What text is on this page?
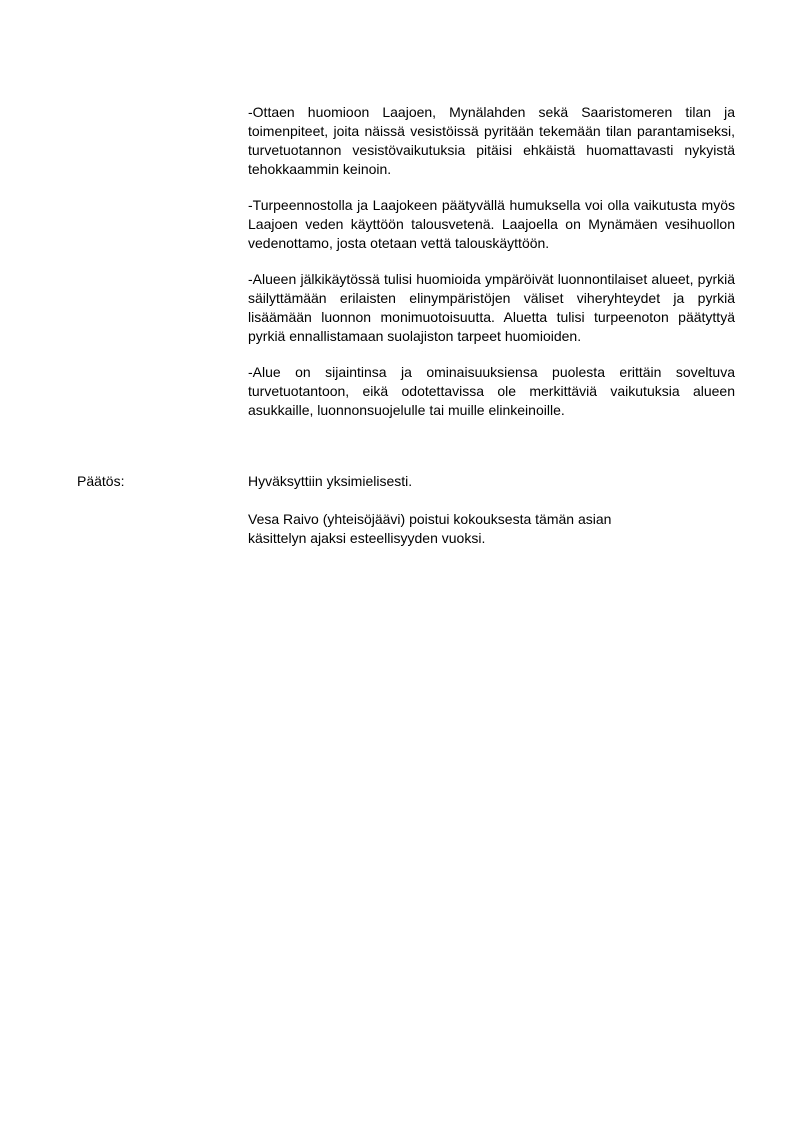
-Ottaen huomioon Laajoen, Mynälahden sekä Saaristomeren tilan ja toimenpiteet, joita näissä vesistöissä pyritään tekemään tilan parantamiseksi, turvetuotannon vesistövaikutuksia pitäisi ehkäistä huomattavasti nykyistä tehokkaammin keinoin.

-Turpeennostolla ja Laajokeen päätyvällä humuksella voi olla vaikutusta myös Laajoen veden käyttöön talousvetenä. Laajoella on Mynämäen vesihuollon vedenottamo, josta otetaan vettä talouskäyttöön.

-Alueen jälkikäytössä tulisi huomioida ympäröivät luonnontilaiset alueet, pyrkiä säilyttämään erilaisten elinympäristöjen väliset viheryhteydet ja pyrkiä lisäämään luonnon monimuotoisuutta. Aluetta tulisi turpeenoton päätyttyä pyrkiä ennallistamaan suolajiston tarpeet huomioiden.

-Alue on sijaintinsa ja ominaisuuksiensa puolesta erittäin soveltuva turvetuotantoon, eikä odotettavissa ole merkittäviä vaikutuksia alueen asukkaille, luonnonsuojelulle tai muille elinkeinoille.

Päätös:	Hyväksyttiin yksimielisesti.

Vesa Raivo (yhteisöjäävi) poistui kokouksesta tämän asian käsittelyn ajaksi esteellisyyden vuoksi.
